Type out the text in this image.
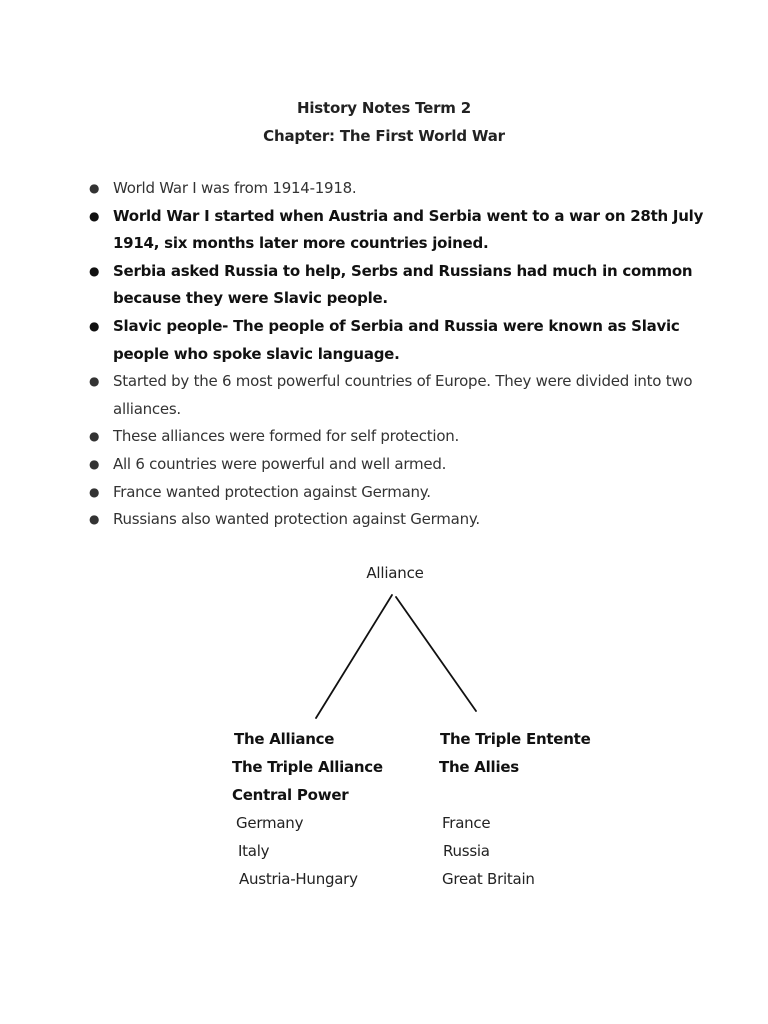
History Notes Term 2
Chapter: The First World War
● World War I was from 1914-1918.
● World War I started when Austria and Serbia went to a war on 28th July 1914, six months later more countries joined.
● Serbia asked Russia to help, Serbs and Russians had much in common because they were Slavic people.
● Slavic people- The people of Serbia and Russia were known as Slavic people who spoke slavic language.
● Started by the 6 most powerful countries of Europe. They were divided into two alliances.
● These alliances were formed for self protection.
● All 6 countries were powerful and well armed.
● France wanted protection against Germany.
● Russians also wanted protection against Germany.
Alliance
The Alliance
The Triple Alliance
Central Power
Germany
Italy
Austria-Hungary
The Triple Entente
The Allies
France
Russia
Great Britain
